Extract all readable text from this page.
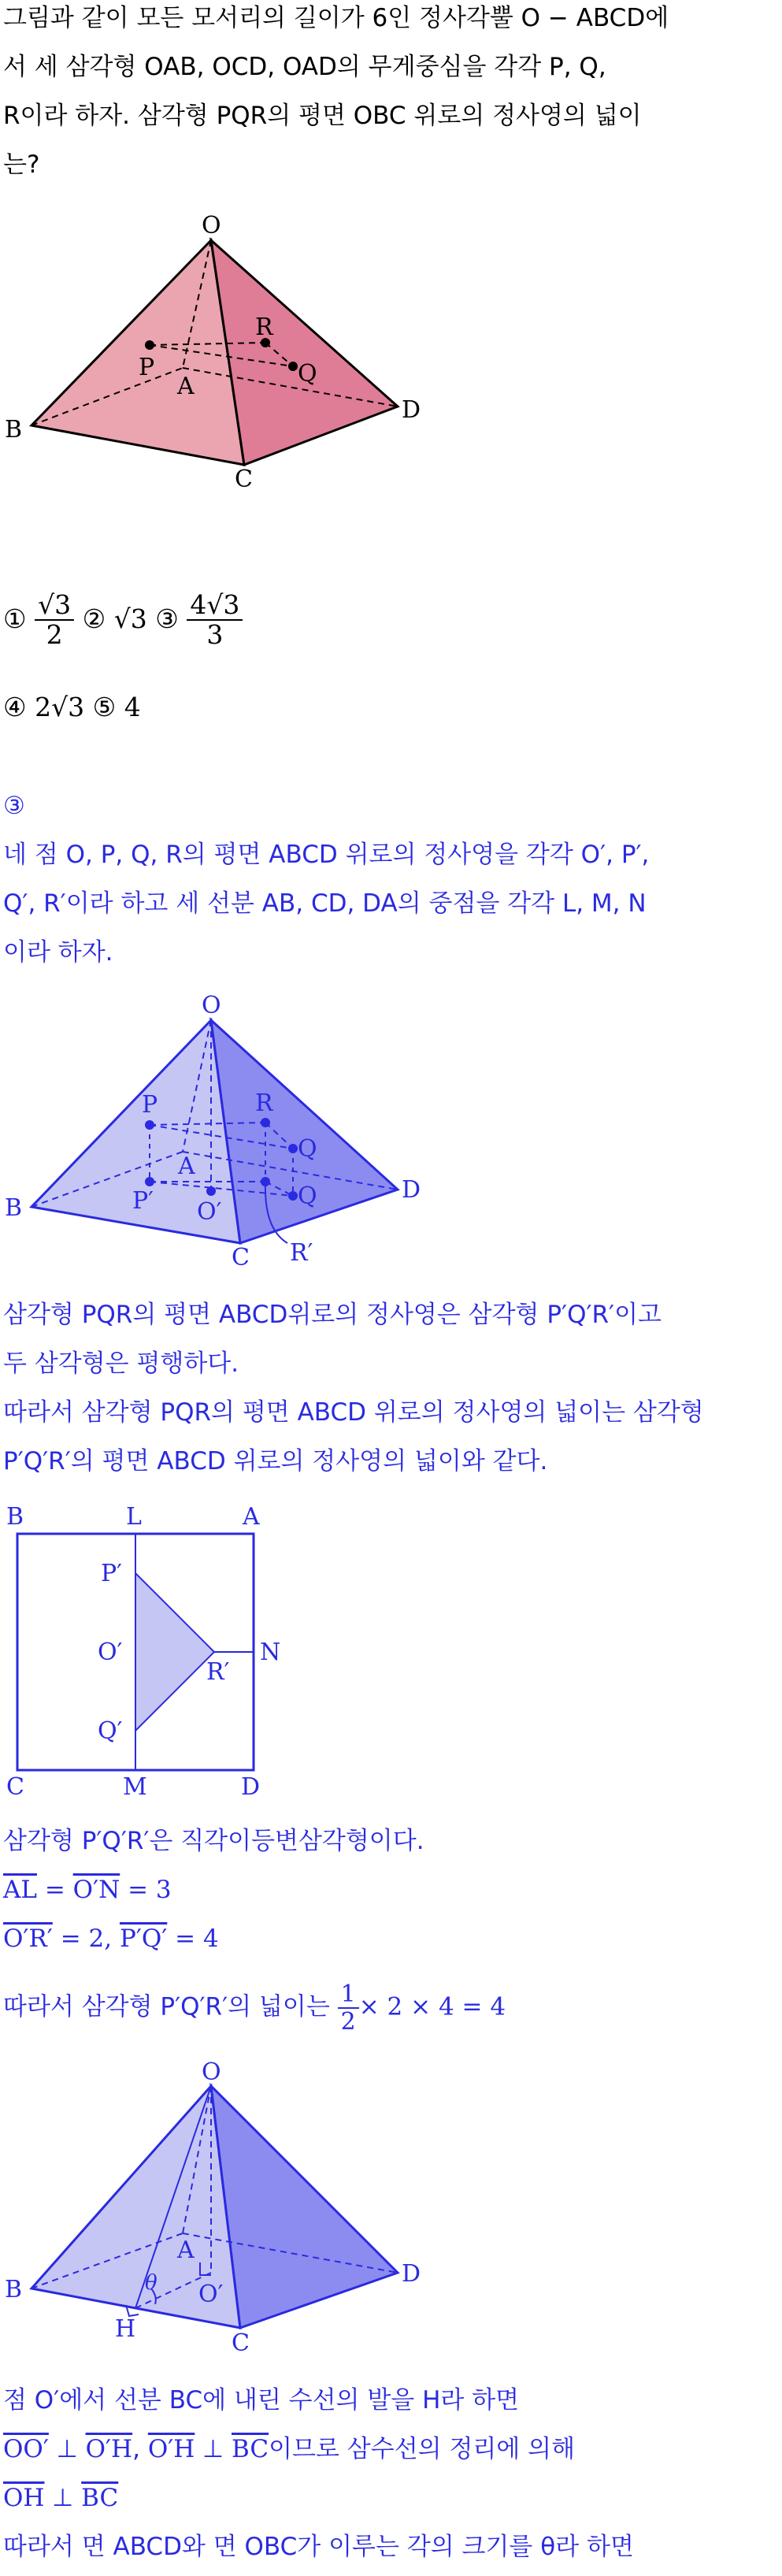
그림과 같이 모든 모서리의 길이가 6인 정사각뿔 O − ABCD에
서 세 삼각형 OAB, OCD, OAD의 무게중심을 각각 P, Q,
R이라 하자. 삼각형 PQR의 평면 OBC 위로의 정사영의 넓이
는?
O
R
P	Q
A
B
C
D
① $\frac{√3}{2}$ ② √3 ③ $\frac{4√3}{3}$
④ 2√3 ⑤ 4
③
네 점 O, P, Q, R의 평면 ABCD 위로의 정사영을 각각 O′, P′,
Q′, R′이라 하고 세 선분 AB, CD, DA의 중점을 각각 L, M, N
이라 하자.
O
P	R
Q
A
Q
B	P′ O′
C R′
D
삼각형 PQR의 평면 ABCD위로의 정사영은 삼각형 P′Q′R′이고
두 삼각형은 평행하다.
따라서 삼각형 PQR의 평면 ABCD 위로의 정사영의 넓이는 삼각형
P′Q′R′의 평면 ABCD 위로의 정사영의 넓이와 같다.
B	L	A
P′
O′
R′
N
Q′
C	M	D
삼각형 P′Q′R′은 직각이등변삼각형이다.
$\overline{AL} = O'N = 3$
O′R′ = 2, P′Q′ = 4
따라서 삼각형 P′Q′R′의 넓이는 $\frac{1}{2} \times 2 \times 4 = 4$
O
A
B	θ O′
H
C
D
점 O′에서 선분 BC에 내린 수선의 발을 H라 하면
OO′ ⊥ O′H, O′H ⊥ $\overline{BC}$이므로 삼수선의 정리에 의해
$\overline{OH}$ ⊥ $\overline{BC}$
따라서 면 ABCD와 면 OBC가 이루는 각의 크기를 θ라 하면
